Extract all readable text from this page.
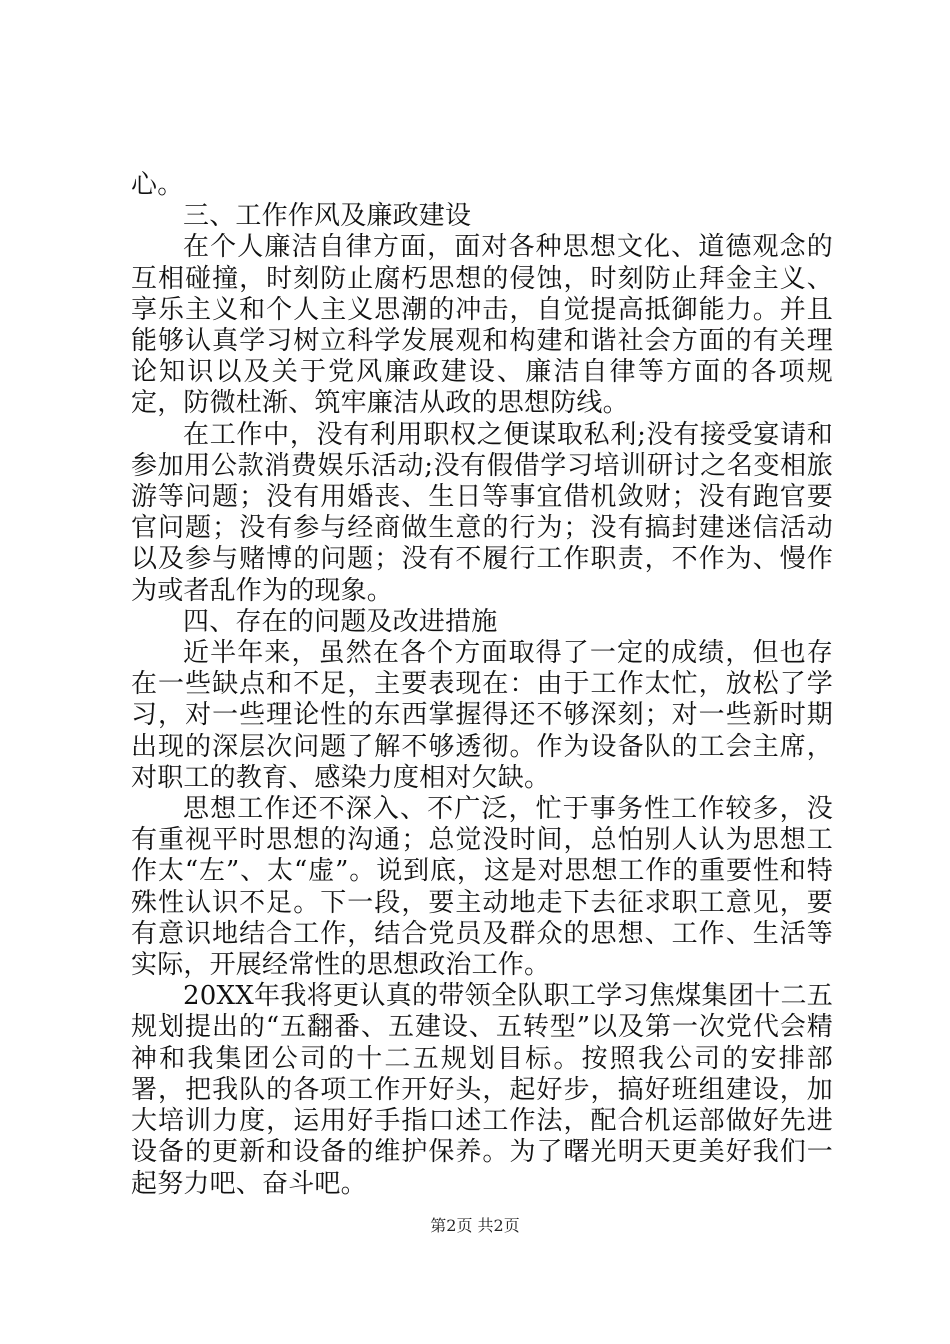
心。

三、工作作风及廉政建设

在个人廉洁自律方面，面对各种思想文化、道德观念的互相碰撞，时刻防止腐朽思想的侵蚀，时刻防止拜金主义、享乐主义和个人主义思潮的冲击，自觉提高抵御能力。并且能够认真学习树立科学发展观和构建和谐社会方面的有关理论知识以及关于党风廉政建设、廉洁自律等方面的各项规定，防微杜渐、筑牢廉洁从政的思想防线。

在工作中，没有利用职权之便谋取私利;没有接受宴请和参加用公款消费娱乐活动;没有假借学习培训研讨之名变相旅游等问题；没有用婚丧、生日等事宜借机敛财；没有跑官要官问题；没有参与经商做生意的行为；没有搞封建迷信活动以及参与赌博的问题；没有不履行工作职责，不作为、慢作为或者乱作为的现象。

四、存在的问题及改进措施

近半年来，虽然在各个方面取得了一定的成绩，但也存在一些缺点和不足，主要表现在：由于工作太忙，放松了学习，对一些理论性的东西掌握得还不够深刻；对一些新时期出现的深层次问题了解不够透彻。作为设备队的工会主席，对职工的教育、感染力度相对欠缺。

思想工作还不深入、不广泛，忙于事务性工作较多，没有重视平时思想的沟通；总觉没时间，总怕别人认为思想工作太“左”、太“虚”。说到底，这是对思想工作的重要性和特殊性认识不足。下一段，要主动地走下去征求职工意见，要有意识地结合工作，结合党员及群众的思想、工作、生活等实际，开展经常性的思想政治工作。

20XX年我将更认真的带领全队职工学习焦煤集团十二五规划提出的“五翻番、五建设、五转型”以及第一次党代会精神和我集团公司的十二五规划目标。按照我公司的安排部署，把我队的各项工作开好头，起好步，搞好班组建设，加大培训力度，运用好手指口述工作法，配合机运部做好先进设备的更新和设备的维护保养。为了曙光明天更美好我们一起努力吧、奋斗吧。

第2页 共2页
